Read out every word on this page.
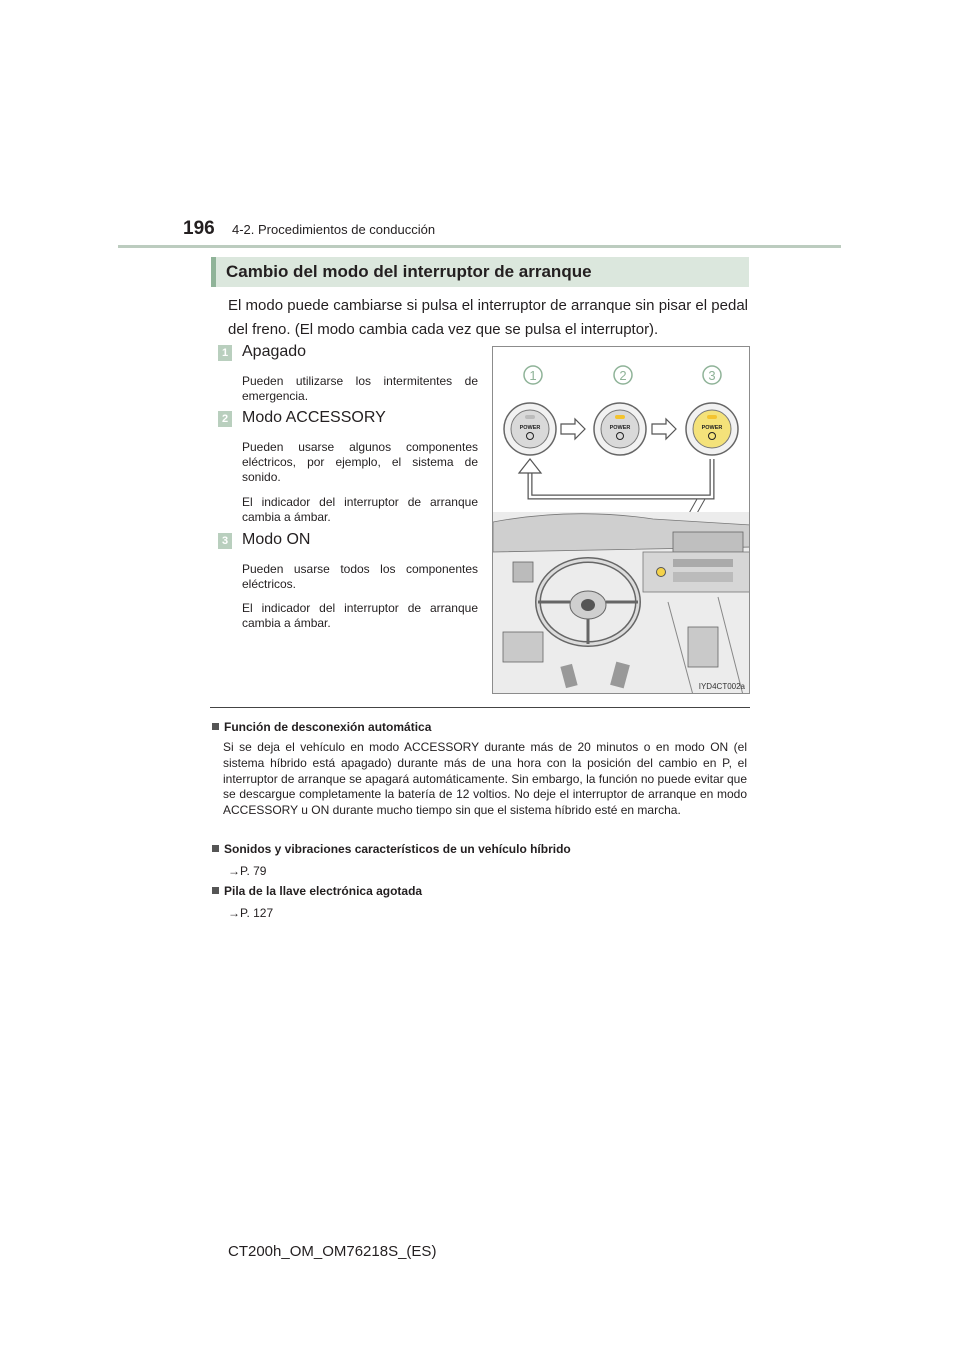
196 4-2. Procedimientos de conducción
Cambio del modo del interruptor de arranque
El modo puede cambiarse si pulsa el interruptor de arranque sin pisar el pedal del freno. (El modo cambia cada vez que se pulsa el interruptor).
1 Apagado
Pueden utilizarse los intermitentes de emergencia.
2 Modo ACCESSORY
Pueden usarse algunos componentes eléctricos, por ejemplo, el sistema de sonido.
El indicador del interruptor de arranque cambia a ámbar.
3 Modo ON
Pueden usarse todos los componentes eléctricos.
El indicador del interruptor de arranque cambia a ámbar.
1	2	3
POWER	POWER	POWER
IYD4CT002a
Función de desconexión automática
Si se deja el vehículo en modo ACCESSORY durante más de 20 minutos o en modo ON (el sistema híbrido está apagado) durante más de una hora con la posición del cambio en P, el interruptor de arranque se apagará automáticamente. Sin embargo, la función no puede evitar que se descargue completamente la batería de 12 voltios. No deje el interruptor de arranque en modo ACCESSORY u ON durante mucho tiempo sin que el sistema híbrido esté en marcha.
Sonidos y vibraciones característicos de un vehículo híbrido
→P. 79
Pila de la llave electrónica agotada
→P. 127
CT200h_OM_OM76218S_(ES)
